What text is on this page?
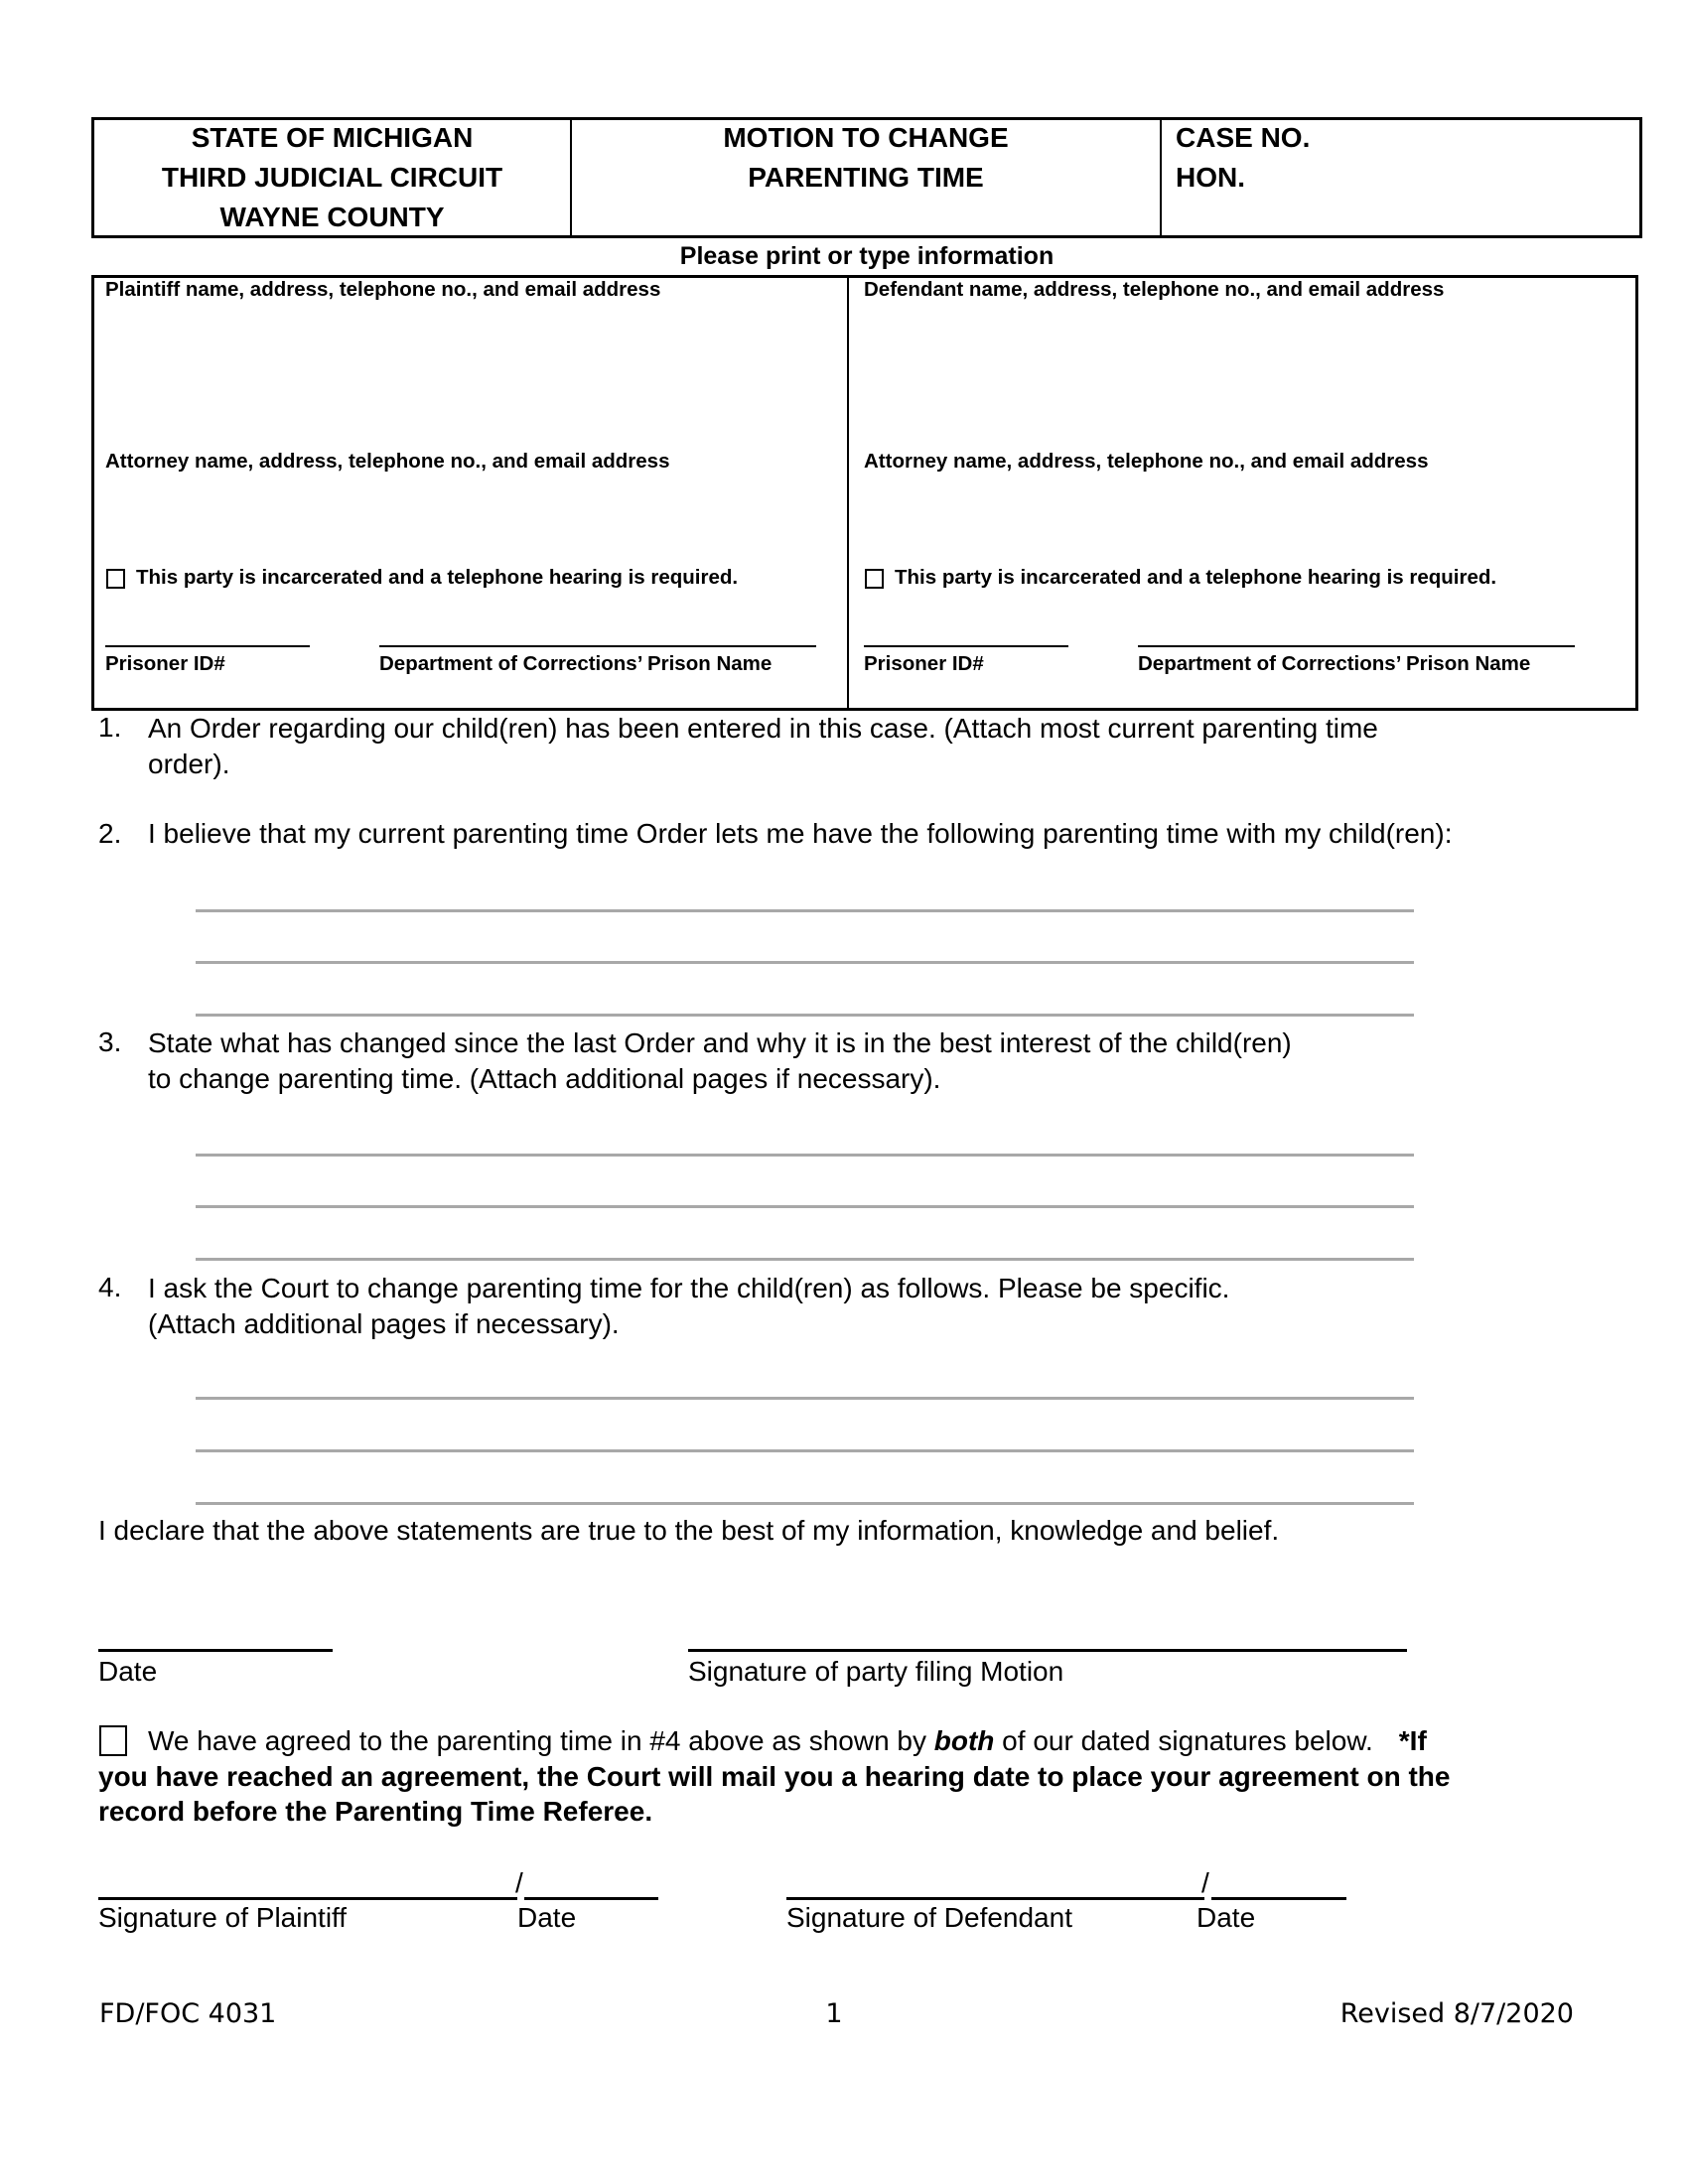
STATE OF MICHIGAN
THIRD JUDICIAL CIRCUIT
WAYNE COUNTY
MOTION TO CHANGE
PARENTING TIME
CASE NO.
HON.
Please print or type information
Plaintiff name, address, telephone no., and email address
Attorney name, address, telephone no., and email address
This party is incarcerated and a telephone hearing is required.
Prisoner ID#	Department of Corrections’ Prison Name
Defendant name, address, telephone no., and email address
Attorney name, address, telephone no., and email address
This party is incarcerated and a telephone hearing is required.
Prisoner ID#	Department of Corrections’ Prison Name
1. An Order regarding our child(ren) has been entered in this case. (Attach most current parenting time
order).
2. I believe that my current parenting time Order lets me have the following parenting time with my child(ren):
3. State what has changed since the last Order and why it is in the best interest of the child(ren)
to change parenting time. (Attach additional pages if necessary).
4. I ask the Court to change parenting time for the child(ren) as follows. Please be specific.
(Attach additional pages if necessary).
I declare that the above statements are true to the best of my information, knowledge and belief.
Date	Signature of party filing Motion
We have agreed to the parenting time in #4 above as shown by both of our dated signatures below. *If
you have reached an agreement, the Court will mail you a hearing date to place your agreement on the
record before the Parenting Time Referee.
/	/
Signature of Plaintiff	Date	Signature of Defendant	Date
FD/FOC 4031	1	Revised 8/7/2020
